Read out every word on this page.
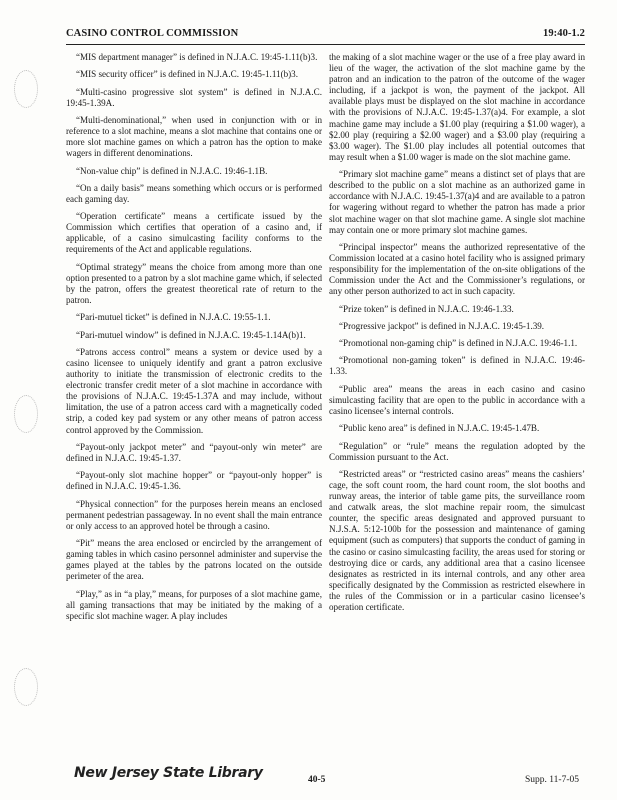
CASINO CONTROL COMMISSION	19:40-1.2

“MIS department manager” is defined in N.J.A.C. 19:45-1.11(b)3.

“MIS security officer” is defined in N.J.A.C. 19:45-1.11(b)3.

“Multi-casino progressive slot system” is defined in N.J.A.C. 19:45-1.39A.

“Multi-denominational,” when used in conjunction with or in reference to a slot machine, means a slot machine that contains one or more slot machine games on which a patron has the option to make wagers in different denominations.

“Non-value chip” is defined in N.J.A.C. 19:46-1.1B.

“On a daily basis” means something which occurs or is performed each gaming day.

“Operation certificate” means a certificate issued by the Commission which certifies that operation of a casino and, if applicable, of a casino simulcasting facility conforms to the requirements of the Act and applicable regulations.

“Optimal strategy” means the choice from among more than one option presented to a patron by a slot machine game which, if selected by the patron, offers the greatest theoretical rate of return to the patron.

“Pari-mutuel ticket” is defined in N.J.A.C. 19:55-1.1.

“Pari-mutuel window” is defined in N.J.A.C. 19:45-1.14A(b)1.

“Patrons access control” means a system or device used by a casino licensee to uniquely identify and grant a patron exclusive authority to initiate the transmission of electronic credits to the electronic transfer credit meter of a slot machine in accordance with the provisions of N.J.A.C. 19:45-1.37A and may include, without limitation, the use of a patron access card with a magnetically coded strip, a coded key pad system or any other means of patron access control approved by the Commission.

“Payout-only jackpot meter” and “payout-only win meter” are defined in N.J.A.C. 19:45-1.37.

“Payout-only slot machine hopper” or “payout-only hopper” is defined in N.J.A.C. 19:45-1.36.

“Physical connection” for the purposes herein means an enclosed permanent pedestrian passageway. In no event shall the main entrance or only access to an approved hotel be through a casino.

“Pit” means the area enclosed or encircled by the arrangement of gaming tables in which casino personnel administer and supervise the games played at the tables by the patrons located on the outside perimeter of the area.

“Play,” as in “a play,” means, for purposes of a slot machine game, all gaming transactions that may be initiated by the making of a specific slot machine wager. A play includes

the making of a slot machine wager or the use of a free play award in lieu of the wager, the activation of the slot machine game by the patron and an indication to the patron of the outcome of the wager including, if a jackpot is won, the payment of the jackpot. All available plays must be displayed on the slot machine in accordance with the provisions of N.J.A.C. 19:45-1.37(a)4. For example, a slot machine game may include a $1.00 play (requiring a $1.00 wager), a $2.00 play (requiring a $2.00 wager) and a $3.00 play (requiring a $3.00 wager). The $1.00 play includes all potential outcomes that may result when a $1.00 wager is made on the slot machine game.

“Primary slot machine game” means a distinct set of plays that are described to the public on a slot machine as an authorized game in accordance with N.J.A.C. 19:45-1.37(a)4 and are available to a patron for wagering without regard to whether the patron has made a prior slot machine wager on that slot machine game. A single slot machine may contain one or more primary slot machine games.

“Principal inspector” means the authorized representative of the Commission located at a casino hotel facility who is assigned primary responsibility for the implementation of the on-site obligations of the Commission under the Act and the Commissioner’s regulations, or any other person authorized to act in such capacity.

“Prize token” is defined in N.J.A.C. 19:46-1.33.

“Progressive jackpot” is defined in N.J.A.C. 19:45-1.39.

“Promotional non-gaming chip” is defined in N.J.A.C. 19:46-1.1.

“Promotional non-gaming token” is defined in N.J.A.C. 19:46-1.33.

“Public area” means the areas in each casino and casino simulcasting facility that are open to the public in accordance with a casino licensee’s internal controls.

“Public keno area” is defined in N.J.A.C. 19:45-1.47B.

“Regulation” or “rule” means the regulation adopted by the Commission pursuant to the Act.

“Restricted areas” or “restricted casino areas” means the cashiers’ cage, the soft count room, the hard count room, the slot booths and runway areas, the interior of table game pits, the surveillance room and catwalk areas, the slot machine repair room, the simulcast counter, the specific areas designated and approved pursuant to N.J.S.A. 5:12-100b for the possession and maintenance of gaming equipment (such as computers) that supports the conduct of gaming in the casino or casino simulcasting facility, the areas used for storing or destroying dice or cards, any additional area that a casino licensee designates as restricted in its internal controls, and any other area specifically designated by the Commission as restricted elsewhere in the rules of the Commission or in a particular casino licensee’s operation certificate.

New Jersey State Library	40-5	Supp. 11-7-05
